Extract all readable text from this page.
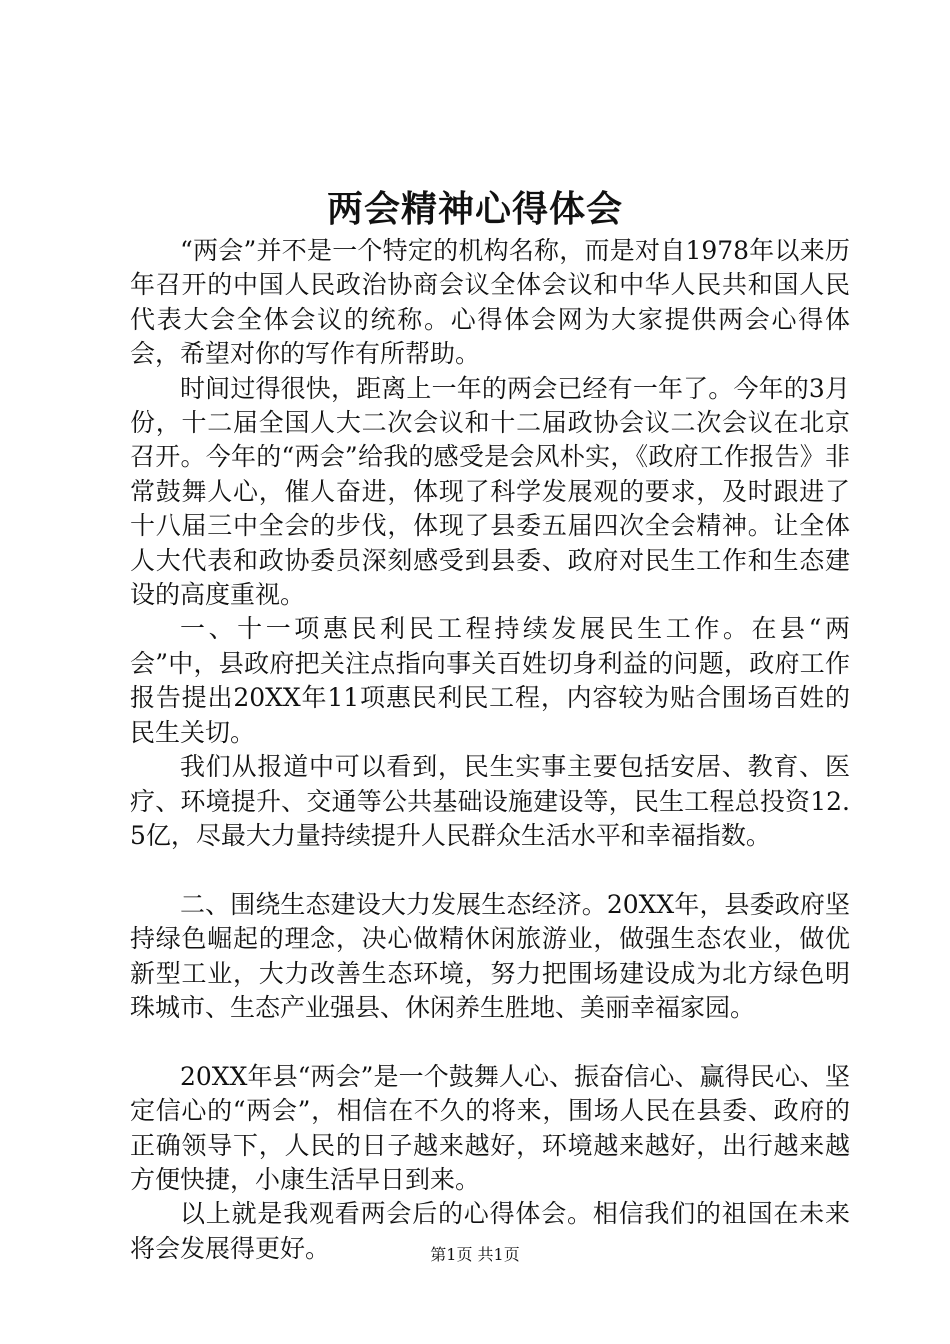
两会精神心得体会

“两会”并不是一个特定的机构名称，而是对自1978年以来历年召开的中国人民政治协商会议全体会议和中华人民共和国人民代表大会全体会议的统称。心得体会网为大家提供两会心得体会，希望对你的写作有所帮助。

时间过得很快，距离上一年的两会已经有一年了。今年的3月份，十二届全国人大二次会议和十二届政协会议二次会议在北京召开。今年的“两会”给我的感受是会风朴实，《政府工作报告》非常鼓舞人心，催人奋进，体现了科学发展观的要求，及时跟进了十八届三中全会的步伐，体现了县委五届四次全会精神。让全体人大代表和政协委员深刻感受到县委、政府对民生工作和生态建设的高度重视。

一、十一项惠民利民工程持续发展民生工作。在县“两会”中，县政府把关注点指向事关百姓切身利益的问题，政府工作报告提出20XX年11项惠民利民工程，内容较为贴合围场百姓的民生关切。

我们从报道中可以看到，民生实事主要包括安居、教育、医疗、环境提升、交通等公共基础设施建设等，民生工程总投资12.5亿，尽最大力量持续提升人民群众生活水平和幸福指数。

二、围绕生态建设大力发展生态经济。20XX年，县委政府坚持绿色崛起的理念，决心做精休闲旅游业，做强生态农业，做优新型工业，大力改善生态环境，努力把围场建设成为北方绿色明珠城市、生态产业强县、休闲养生胜地、美丽幸福家园。

20XX年县“两会”是一个鼓舞人心、振奋信心、赢得民心、坚定信心的“两会”，相信在不久的将来，围场人民在县委、政府的正确领导下，人民的日子越来越好，环境越来越好，出行越来越方便快捷，小康生活早日到来。

以上就是我观看两会后的心得体会。相信我们的祖国在未来将会发展得更好。	第1页 共1页
